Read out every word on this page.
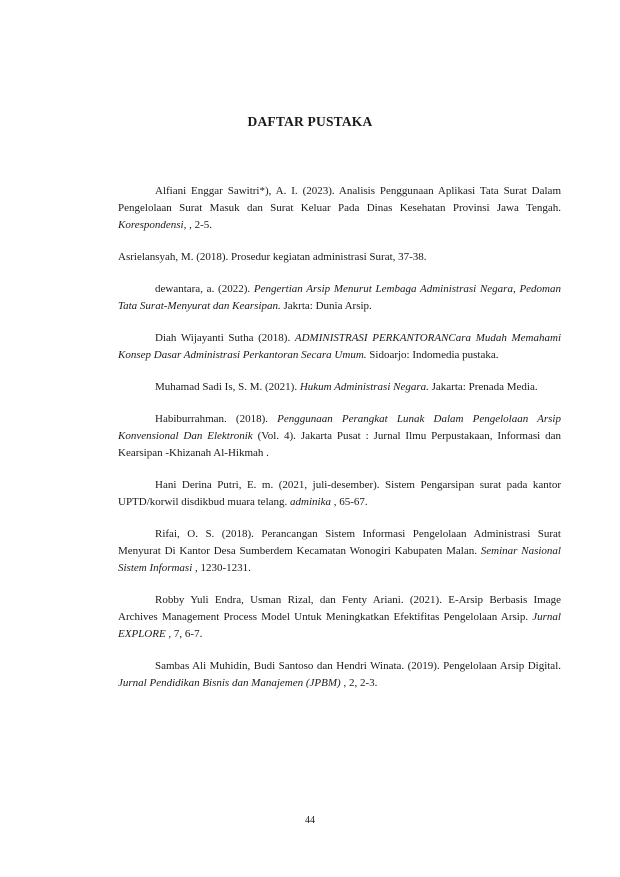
DAFTAR PUSTAKA

Alfiani Enggar Sawitri*), A. I. (2023). Analisis Penggunaan Aplikasi Tata Surat Dalam Pengelolaan Surat Masuk dan Surat Keluar Pada Dinas Kesehatan Provinsi Jawa Tengah. Korespondensi, , 2-5.

Asrielansyah, M. (2018). Prosedur kegiatan administrasi Surat, 37-38.

dewantara, a. (2022). Pengertian Arsip Menurut Lembaga Administrasi Negara, Pedoman Tata Surat-Menyurat dan Kearsipan. Jakrta: Dunia Arsip.

Diah Wijayanti Sutha (2018). ADMINISTRASI PERKANTORANCara Mudah Memahami Konsep Dasar Administrasi Perkantoran Secara Umum. Sidoarjo: Indomedia pustaka.

Muhamad Sadi Is, S. M. (2021). Hukum Administrasi Negara. Jakarta: Prenada Media.

Habiburrahman. (2018). Penggunaan Perangkat Lunak Dalam Pengelolaan Arsip Konvensional Dan Elektronik (Vol. 4). Jakarta Pusat : Jurnal Ilmu Perpustakaan, Informasi dan Kearsipan -Khizanah Al-Hikmah .

Hani Derina Putri, E. m. (2021, juli-desember). Sistem Pengarsipan surat pada kantor UPTD/korwil disdikbud muara telang. adminika , 65-67.

Rifai, O. S. (2018). Perancangan Sistem Informasi Pengelolaan Administrasi Surat Menyurat Di Kantor Desa Sumberdem Kecamatan Wonogiri Kabupaten Malan. Seminar Nasional Sistem Informasi , 1230-1231.

Robby Yuli Endra, Usman Rizal, dan Fenty Ariani. (2021). E-Arsip Berbasis Image Archives Management Process Model Untuk Meningkatkan Efektifitas Pengelolaan Arsip. Jurnal EXPLORE , 7, 6-7.

Sambas Ali Muhidin, Budi Santoso dan Hendri Winata. (2019). Pengelolaan Arsip Digital. Jurnal Pendidikan Bisnis dan Manajemen (JPBM) , 2, 2-3.

44
